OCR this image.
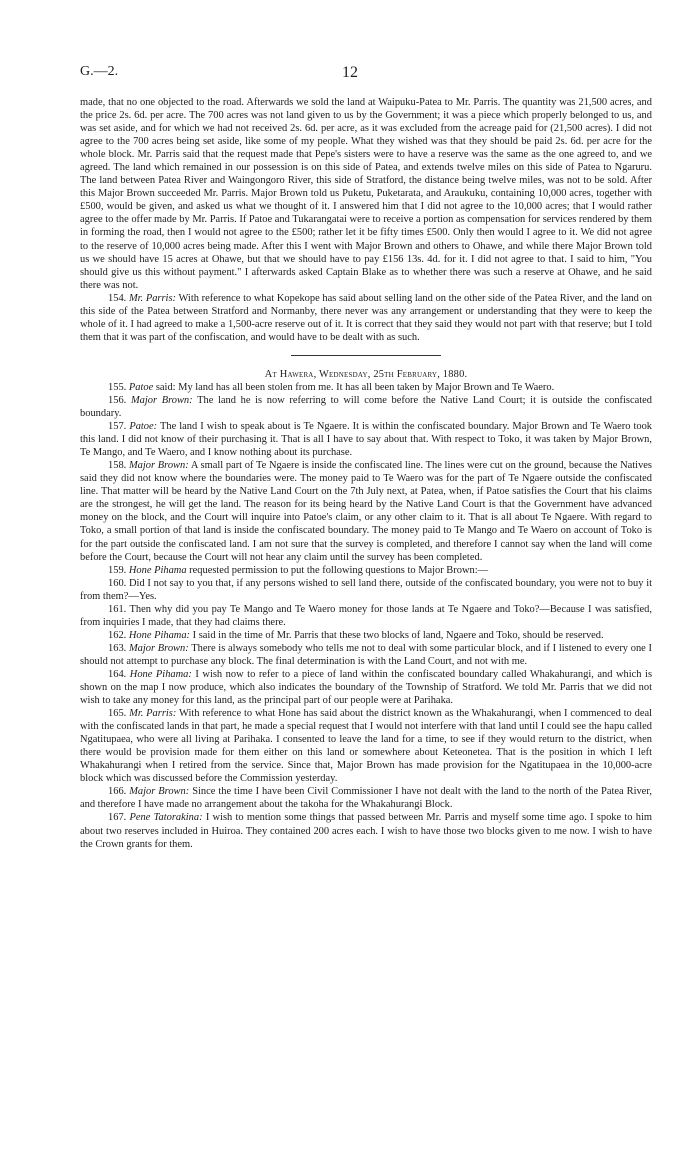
G.—2.	12

made, that no one objected to the road. Afterwards we sold the land at Waipuku-Patea to Mr. Parris. The quantity was 21,500 acres, and the price 2s. 6d. per acre. The 700 acres was not land given to us by the Government; it was a piece which properly belonged to us, and was set aside, and for which we had not received 2s. 6d. per acre, as it was excluded from the acreage paid for (21,500 acres). I did not agree to the 700 acres being set aside, like some of my people. What they wished was that they should be paid 2s. 6d. per acre for the whole block. Mr. Parris said that the request made that Pepe's sisters were to have a reserve was the same as the one agreed to, and we agreed. The land which remained in our possession is on this side of Patea, and extends twelve miles on this side of Patea to Ngaruru. The land between Patea River and Waingongoro River, this side of Stratford, the distance being twelve miles, was not to be sold. After this Major Brown succeeded Mr. Parris. Major Brown told us Puketu, Puketarata, and Araukuku, containing 10,000 acres, together with £500, would be given, and asked us what we thought of it. I answered him that I did not agree to the 10,000 acres; that I would rather agree to the offer made by Mr. Parris. If Patoe and Tukarangatai were to receive a portion as compensation for services rendered by them in forming the road, then I would not agree to the £500; rather let it be fifty times £500. Only then would I agree to it. We did not agree to the reserve of 10,000 acres being made. After this I went with Major Brown and others to Ohawe, and while there Major Brown told us we should have 15 acres at Ohawe, but that we should have to pay £156 13s. 4d. for it. I did not agree to that. I said to him, "You should give us this without payment." I afterwards asked Captain Blake as to whether there was such a reserve at Ohawe, and he said there was not.

154. Mr. Parris: With reference to what Kopekope has said about selling land on the other side of the Patea River, and the land on this side of the Patea between Stratford and Normanby, there never was any arrangement or understanding that they were to keep the whole of it. I had agreed to make a 1,500-acre reserve out of it. It is correct that they said they would not part with that reserve; but I told them that it was part of the confiscation, and would have to be dealt with as such.

At Hawera, Wednesday, 25th February, 1880.

155. Patoe said: My land has all been stolen from me. It has all been taken by Major Brown and Te Waero.

156. Major Brown: The land he is now referring to will come before the Native Land Court; it is outside the confiscated boundary.

157. Patoe: The land I wish to speak about is Te Ngaere. It is within the confiscated boundary. Major Brown and Te Waero took this land. I did not know of their purchasing it. That is all I have to say about that. With respect to Toko, it was taken by Major Brown, Te Mango, and Te Waero, and I know nothing about its purchase.

158. Major Brown: A small part of Te Ngaere is inside the confiscated line. The lines were cut on the ground, because the Natives said they did not know where the boundaries were. The money paid to Te Waero was for the part of Te Ngaere outside the confiscated line. That matter will be heard by the Native Land Court on the 7th July next, at Patea, when, if Patoe satisfies the Court that his claims are the strongest, he will get the land. The reason for its being heard by the Native Land Court is that the Government have advanced money on the block, and the Court will inquire into Patoe's claim, or any other claim to it. That is all about Te Ngaere. With regard to Toko, a small portion of that land is inside the confiscated boundary. The money paid to Te Mango and Te Waero on account of Toko is for the part outside the confiscated land. I am not sure that the survey is completed, and therefore I cannot say when the land will come before the Court, because the Court will not hear any claim until the survey has been completed.

159. Hone Pihama requested permission to put the following questions to Major Brown:—

160. Did I not say to you that, if any persons wished to sell land there, outside of the confiscated boundary, you were not to buy it from them?—Yes.

161. Then why did you pay Te Mango and Te Waero money for those lands at Te Ngaere and Toko?—Because I was satisfied, from inquiries I made, that they had claims there.

162. Hone Pihama: I said in the time of Mr. Parris that these two blocks of land, Ngaere and Toko, should be reserved.

163. Major Brown: There is always somebody who tells me not to deal with some particular block, and if I listened to every one I should not attempt to purchase any block. The final determination is with the Land Court, and not with me.

164. Hone Pihama: I wish now to refer to a piece of land within the confiscated boundary called Whakahurangi, and which is shown on the map I now produce, which also indicates the boundary of the Township of Stratford. We told Mr. Parris that we did not wish to take any money for this land, as the principal part of our people were at Parihaka.

165. Mr. Parris: With reference to what Hone has said about the district known as the Whakahurangi, when I commenced to deal with the confiscated lands in that part, he made a special request that I would not interfere with that land until I could see the hapu called Ngatitupaea, who were all living at Parihaka. I consented to leave the land for a time, to see if they would return to the district, when there would be provision made for them either on this land or somewhere about Keteonetea. That is the position in which I left Whakahurangi when I retired from the service. Since that, Major Brown has made provision for the Ngatitupaea in the 10,000-acre block which was discussed before the Commission yesterday.

166. Major Brown: Since the time I have been Civil Commissioner I have not dealt with the land to the north of the Patea River, and therefore I have made no arrangement about the takoha for the Whakahurangi Block.

167. Pene Tatorakina: I wish to mention some things that passed between Mr. Parris and myself some time ago. I spoke to him about two reserves included in Huiroa. They contained 200 acres each. I wish to have those two blocks given to me now. I wish to have the Crown grants for them.
